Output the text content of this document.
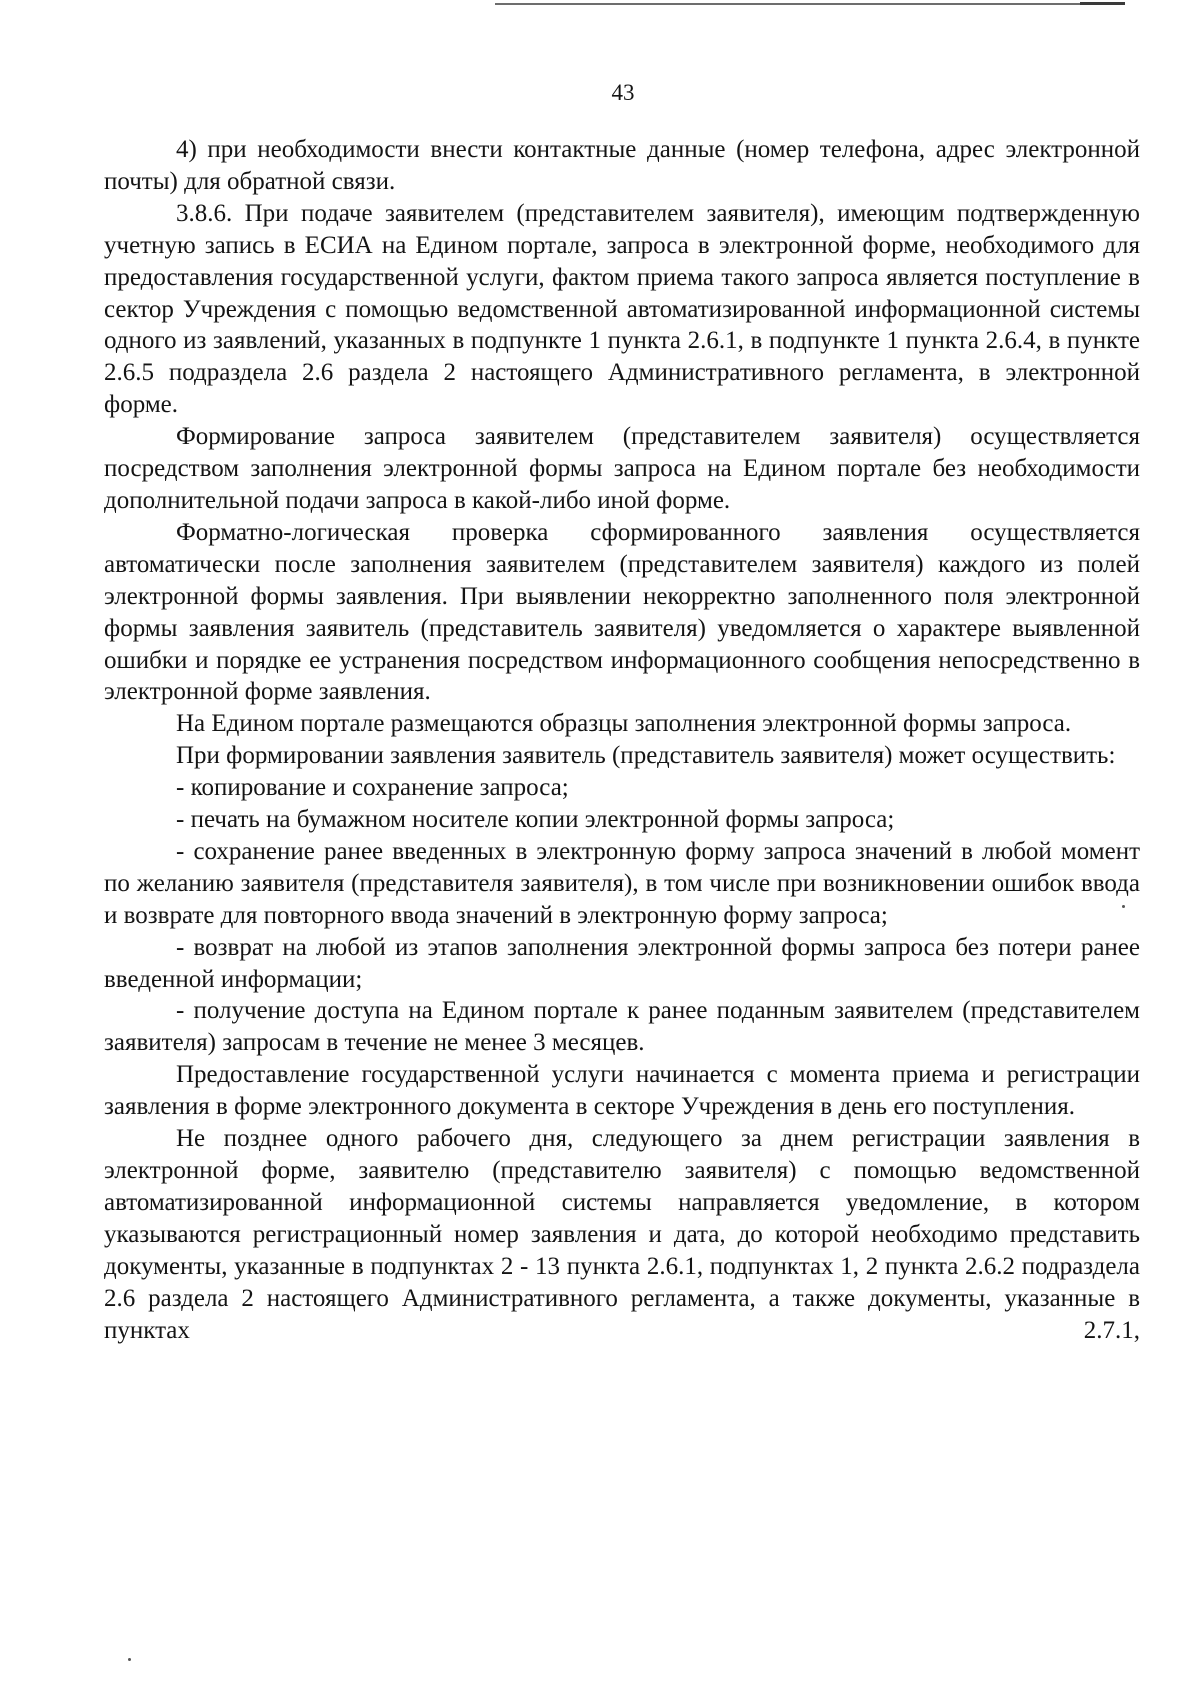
43

4) при необходимости внести контактные данные (номер телефона, адрес электронной почты) для обратной связи.

3.8.6. При подаче заявителем (представителем заявителя), имеющим подтвержденную учетную запись в ЕСИА на Едином портале, запроса в электронной форме, необходимого для предоставления государственной услуги, фактом приема такого запроса является поступление в сектор Учреждения с помощью ведомственной автоматизированной информационной системы одного из заявлений, указанных в подпункте 1 пункта 2.6.1, в подпункте 1 пункта 2.6.4, в пункте 2.6.5 подраздела 2.6 раздела 2 настоящего Административного регламента, в электронной форме.

Формирование запроса заявителем (представителем заявителя) осуществляется посредством заполнения электронной формы запроса на Едином портале без необходимости дополнительной подачи запроса в какой-либо иной форме.

Форматно-логическая проверка сформированного заявления осуществляется автоматически после заполнения заявителем (представителем заявителя) каждого из полей электронной формы заявления. При выявлении некорректно заполненного поля электронной формы заявления заявитель (представитель заявителя) уведомляется о характере выявленной ошибки и порядке ее устранения посредством информационного сообщения непосредственно в электронной форме заявления.

На Едином портале размещаются образцы заполнения электронной формы запроса.

При формировании заявления заявитель (представитель заявителя) может осуществить:

- копирование и сохранение запроса;

- печать на бумажном носителе копии электронной формы запроса;

- сохранение ранее введенных в электронную форму запроса значений в любой момент по желанию заявителя (представителя заявителя), в том числе при возникновении ошибок ввода и возврате для повторного ввода значений в электронную форму запроса;

- возврат на любой из этапов заполнения электронной формы запроса без потери ранее введенной информации;

- получение доступа на Едином портале к ранее поданным заявителем (представителем заявителя) запросам в течение не менее 3 месяцев.

Предоставление государственной услуги начинается с момента приема и регистрации заявления в форме электронного документа в секторе Учреждения в день его поступления.

Не позднее одного рабочего дня, следующего за днем регистрации заявления в электронной форме, заявителю (представителю заявителя) с помощью ведомственной автоматизированной информационной системы направляется уведомление, в котором указываются регистрационный номер заявления и дата, до которой необходимо представить документы, указанные в подпунктах 2 - 13 пункта 2.6.1, подпунктах 1, 2 пункта 2.6.2 подраздела 2.6 раздела 2 настоящего Административного регламента, а также документы, указанные в пунктах 2.7.1,
